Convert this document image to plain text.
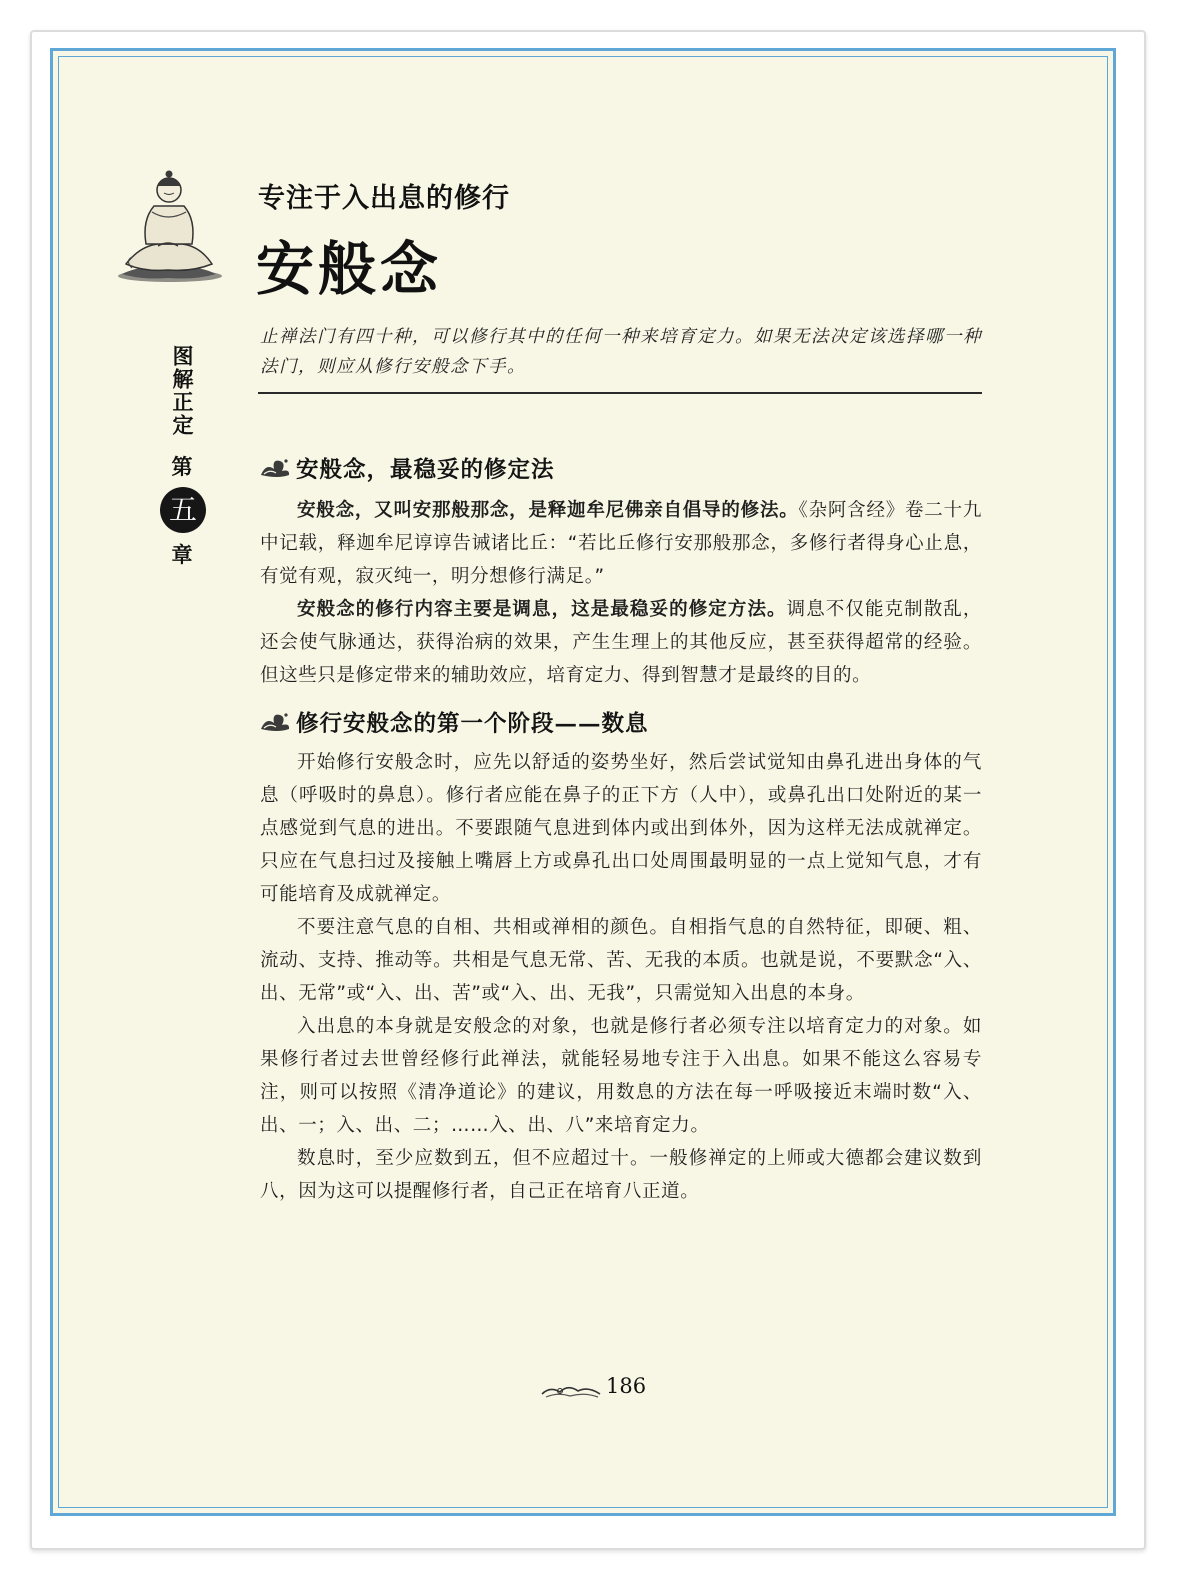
专注于入出息的修行
安般念
止禅法门有四十种，可以修行其中的任何一种来培育定力。如果无法决定该选择哪一种法门，则应从修行安般念下手。
图解正定
第
五
章
安般念，最稳妥的修定法

安般念，又叫安那般那念，是释迦牟尼佛亲自倡导的修法。《杂阿含经》卷二十九中记载，释迦牟尼谆谆告诫诸比丘：“若比丘修行安那般那念，多修行者得身心止息，有觉有观，寂灭纯一，明分想修行满足。”

安般念的修行内容主要是调息，这是最稳妥的修定方法。调息不仅能克制散乱，还会使气脉通达，获得治病的效果，产生生理上的其他反应，甚至获得超常的经验。但这些只是修定带来的辅助效应，培育定力、得到智慧才是最终的目的。

修行安般念的第一个阶段——数息

开始修行安般念时，应先以舒适的姿势坐好，然后尝试觉知由鼻孔进出身体的气息（呼吸时的鼻息）。修行者应能在鼻子的正下方（人中），或鼻孔出口处附近的某一点感觉到气息的进出。不要跟随气息进到体内或出到体外，因为这样无法成就禅定。只应在气息扫过及接触上嘴唇上方或鼻孔出口处周围最明显的一点上觉知气息，才有可能培育及成就禅定。

不要注意气息的自相、共相或禅相的颜色。自相指气息的自然特征，即硬、粗、流动、支持、推动等。共相是气息无常、苦、无我的本质。也就是说，不要默念“入、出、无常”或“入、出、苦”或“入、出、无我”，只需觉知入出息的本身。

入出息的本身就是安般念的对象，也就是修行者必须专注以培育定力的对象。如果修行者过去世曾经修行此禅法，就能轻易地专注于入出息。如果不能这么容易专注，则可以按照《清净道论》的建议，用数息的方法在每一呼吸接近末端时数“入、出、一；入、出、二；……入、出、八”来培育定力。

数息时，至少应数到五，但不应超过十。一般修禅定的上师或大德都会建议数到八，因为这可以提醒修行者，自己正在培育八正道。

186
